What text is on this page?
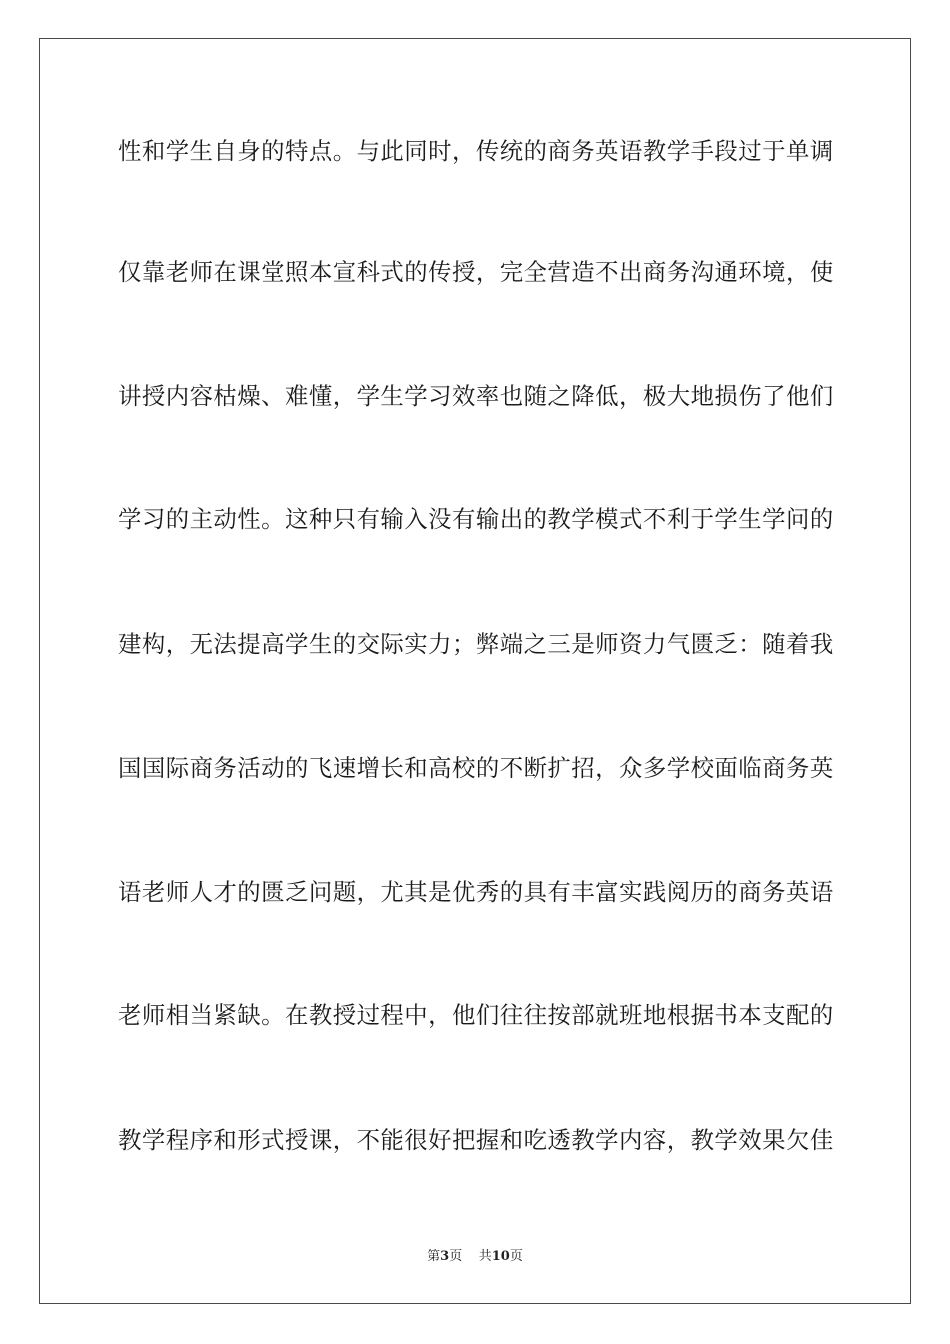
性和学生自身的特点。与此同时，传统的商务英语教学手段过于单调
仅靠老师在课堂照本宣科式的传授，完全营造不出商务沟通环境，使
讲授内容枯燥、难懂，学生学习效率也随之降低，极大地损伤了他们
学习的主动性。这种只有输入没有输出的教学模式不利于学生学问的
建构，无法提高学生的交际实力；弊端之三是师资力气匮乏：随着我
国国际商务活动的飞速增长和高校的不断扩招，众多学校面临商务英
语老师人才的匮乏问题，尤其是优秀的具有丰富实践阅历的商务英语
老师相当紧缺。在教授过程中，他们往往按部就班地根据书本支配的
教学程序和形式授课，不能很好把握和吃透教学内容，教学效果欠佳
第3页 共10页
